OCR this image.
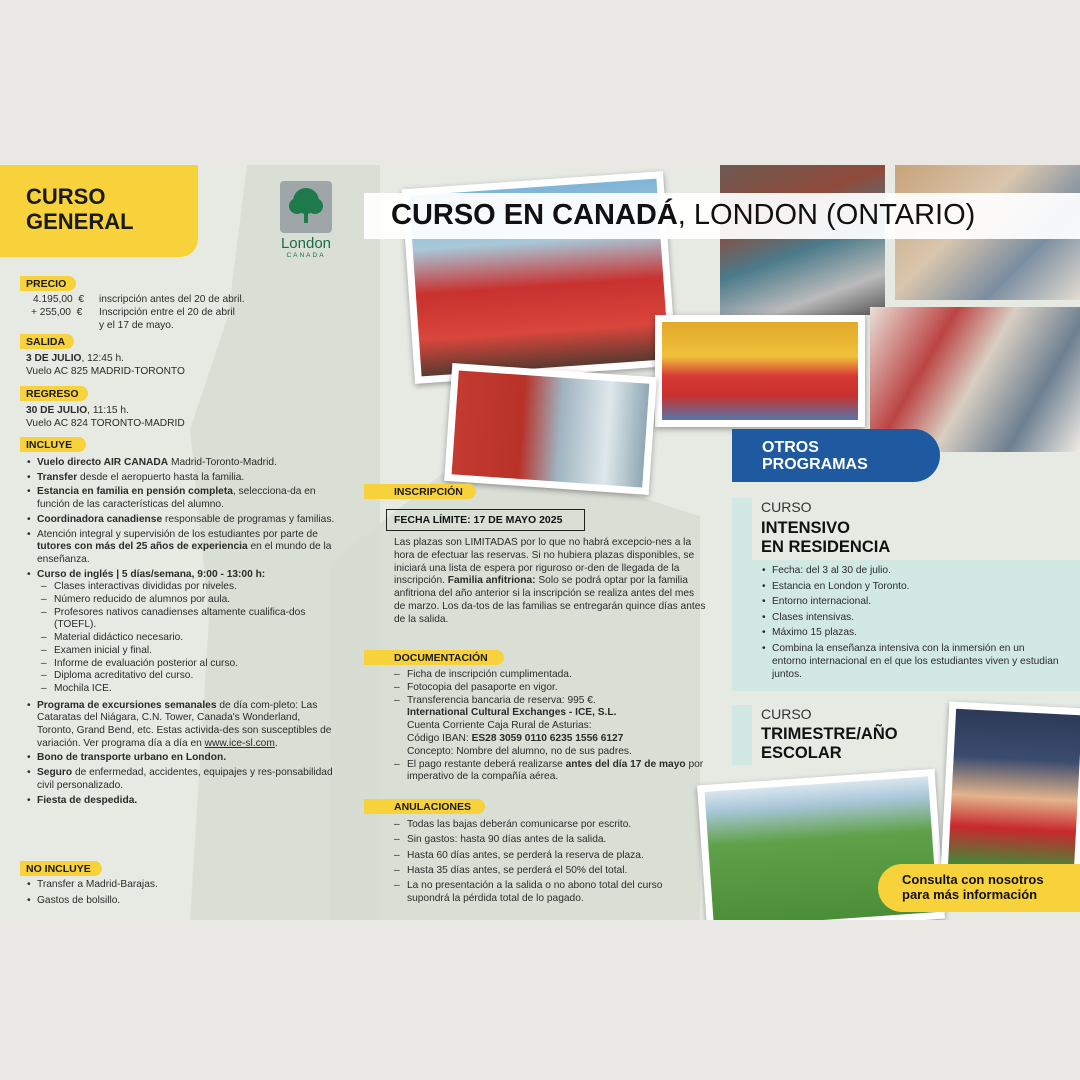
CURSO
GENERAL
London
CANADA
CURSO EN CANADÁ, LONDON (ONTARIO)
PRECIO
4.195,00  € inscripción antes del 20 de abril.
+ 255,00  € Inscripción entre el 20 de abril
y el 17 de mayo.
SALIDA
3 DE JULIO, 12:45 h.
Vuelo AC 825 MADRID-TORONTO
REGRESO
30 DE JULIO, 11:15 h.
Vuelo AC 824 TORONTO-MADRID
INCLUYE
• Vuelo directo AIR CANADA Madrid-Toronto-Madrid.
• Transfer desde el aeropuerto hasta la familia.
• Estancia en familia en pensión completa, selecciona-da en función de las características del alumno.
• Coordinadora canadiense responsable de programas y familias.
• Atención integral y supervisión de los estudiantes por parte de tutores con más del 25 años de experiencia en el mundo de la enseñanza.
• Curso de inglés | 5 días/semana, 9:00 - 13:00 h:
– Clases interactivas divididas por niveles.
– Número reducido de alumnos por aula.
– Profesores nativos canadienses altamente cualifica-dos (TOEFL).
– Material didáctico necesario.
– Examen inicial y final.
– Informe de evaluación posterior al curso.
– Diploma acreditativo del curso.
– Mochila ICE.
• Programa de excursiones semanales de día com-pleto: Las Cataratas del Niágara, C.N. Tower, Canada's Wonderland, Toronto, Grand Bend, etc. Estas activida-des son susceptibles de variación. Ver programa día a día en www.ice-sl.com.
• Bono de transporte urbano en London.
• Seguro de enfermedad, accidentes, equipajes y res-ponsabilidad civil personalizado.
• Fiesta de despedida.
NO INCLUYE
• Transfer a Madrid-Barajas.
• Gastos de bolsillo.
INSCRIPCIÓN
FECHA LÍMITE: 17 DE MAYO 2025
Las plazas son LIMITADAS por lo que no habrá excepcio-nes a la hora de efectuar las reservas. Si no hubiera plazas disponibles, se iniciará una lista de espera por riguroso or-den de llegada de la inscripción. Familia anfitriona: Solo se podrá optar por la familia anfitriona del año anterior si la inscripción se realiza antes del mes de marzo. Los da-tos de las familias se entregarán quince días antes de la salida.
DOCUMENTACIÓN
– Ficha de inscripción cumplimentada.
– Fotocopia del pasaporte en vigor.
– Transferencia bancaria de reserva: 995 €.
International Cultural Exchanges - ICE, S.L.
Cuenta Corriente Caja Rural de Asturias:
Código IBAN: ES28 3059 0110 6235 1556 6127
Concepto: Nombre del alumno, no de sus padres.
– El pago restante deberá realizarse antes del día 17 de mayo por imperativo de la compañía aérea.
ANULACIONES
– Todas las bajas deberán comunicarse por escrito.
– Sin gastos: hasta 90 días antes de la salida.
– Hasta 60 días antes, se perderá la reserva de plaza.
– Hasta 35 días antes, se perderá el 50% del total.
– La no presentación a la salida o no abono total del curso supondrá la pérdida total de lo pagado.
OTROS
PROGRAMAS
CURSO
INTENSIVO
EN RESIDENCIA
• Fecha: del 3 al 30 de julio.
• Estancia en London y Toronto.
• Entorno internacional.
• Clases intensivas.
• Máximo 15 plazas.
• Combina la enseñanza intensiva con la inmersión en un entorno internacional en el que los estudiantes viven y estudian juntos.
CURSO
TRIMESTRE/AÑO
ESCOLAR
Consulta con nosotros
para más información
